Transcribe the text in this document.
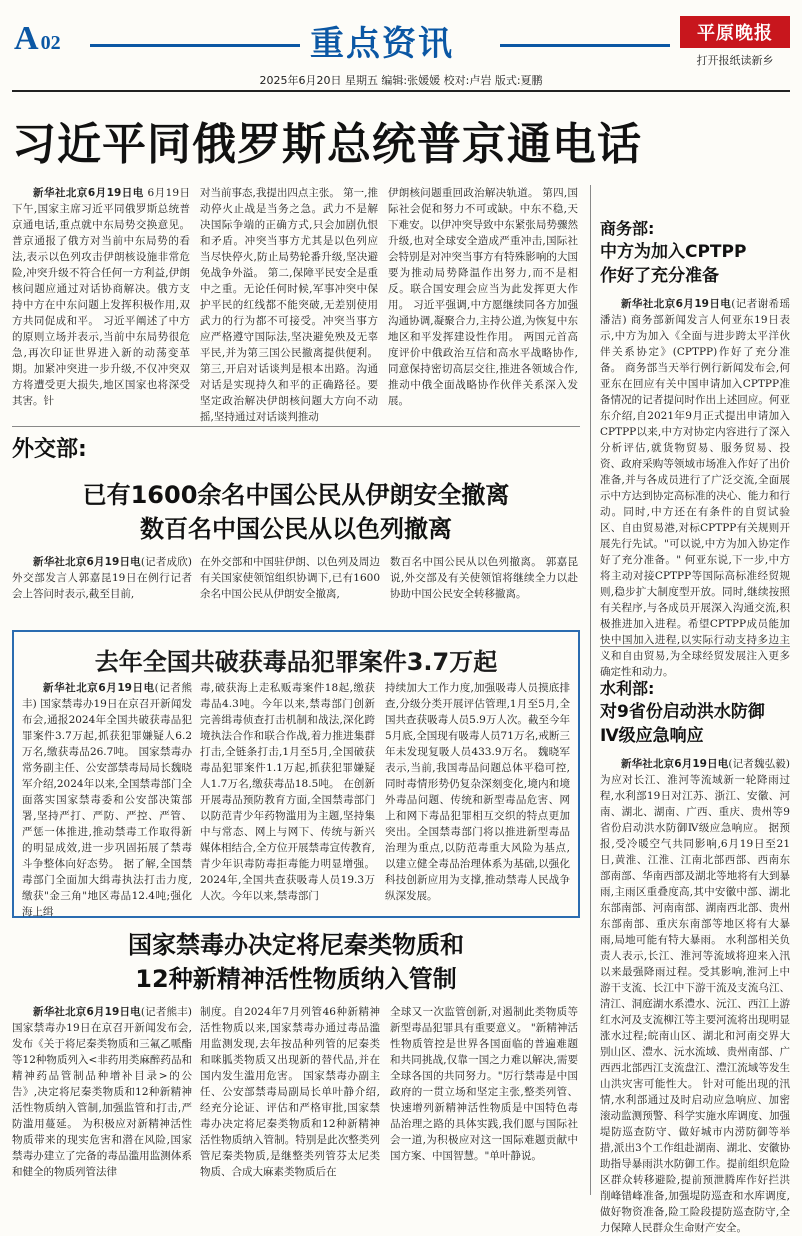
A 02	重点资讯	平原晚报
打开报纸读新乡
2025年6月20日 星期五 编辑:张媛媛 校对:卢岩 版式:夏鹏
习近平同俄罗斯总统普京通电话

新华社北京6月19日电 6月19日下午,国家主席习近平同俄罗斯总统普京通电话,重点就中东局势交换意见。 普京通报了俄方对当前中东局势的看法,表示以色列攻击伊朗核设施非常危险,冲突升级不符合任何一方利益,伊朗核问题应通过对话协商解决。俄方支持中方在中东问题上发挥积极作用,双方共同促成和平。 习近平阐述了中方的原则立场并表示,当前中东局势很危急,再次印证世界进入新的动荡变革期。加紧冲突进一步升级,不仅冲突双方将遭受更大损失,地区国家也将深受其害。针

对当前事态,我提出四点主张。 第一,推动停火止战是当务之急。武力不是解决国际争端的正确方式,只会加剧仇恨和矛盾。冲突当事方尤其是以色列应当尽快停火,防止局势轮番升级,坚决避免战争外溢。 第二,保障平民安全是重中之重。无论任何时候,军事冲突中保护平民的红线都不能突破,无差别使用武力的行为都不可接受。冲突当事方应严格遵守国际法,坚决避免殃及无辜平民,并为第三国公民撤离提供便利。 第三,开启对话谈判是根本出路。沟通对话是实现持久和平的正确路径。要坚定政治解决伊朗核问题大方向不动摇,坚持通过对话谈判推动

伊朗核问题重回政治解决轨道。 第四,国际社会促和努力不可或缺。中东不稳,天下难安。以伊冲突导致中东紧张局势骤然升级,也对全球安全造成严重冲击,国际社会特别是对冲突当事方有特殊影响的大国要为推动局势降温作出努力,而不是相反。联合国安理会应当为此发挥更大作用。 习近平强调,中方愿继续同各方加强沟通协调,凝聚合力,主持公道,为恢复中东地区和平发挥建设性作用。 两国元首高度评价中俄政治互信和高水平战略协作,同意保持密切高层交往,推进各领域合作,推动中俄全面战略协作伙伴关系深入发展。

外交部:
已有1600余名中国公民从伊朗安全撤离
数百名中国公民从以色列撤离

新华社北京6月19日电(记者成欣) 外交部发言人郭嘉昆19日在例行记者会上答问时表示,截至目前,

在外交部和中国驻伊朗、以色列及周边有关国家使领馆组织协调下,已有1600余名中国公民从伊朗安全撤离,

数百名中国公民从以色列撤离。 郭嘉昆说,外交部及有关使领馆将继续全力以赴协助中国公民安全转移撤离。

去年全国共破获毒品犯罪案件3.7万起

新华社北京6月19日电(记者熊丰) 国家禁毒办19日在京召开新闻发布会,通报2024年全国共破获毒品犯罪案件3.7万起,抓获犯罪嫌疑人6.2万名,缴获毒品26.7吨。 国家禁毒办常务副主任、公安部禁毒局局长魏晓军介绍,2024年以来,全国禁毒部门全面落实国家禁毒委和公安部决策部署,坚持严打、严防、严控、严管、严惩一体推进,推动禁毒工作取得新的明显成效,进一步巩固拓展了禁毒斗争整体向好态势。 据了解,全国禁毒部门全面加大缉毒执法打击力度,缴获"金三角"地区毒品12.4吨;强化海上缉

毒,破获海上走私贩毒案件18起,缴获毒品4.3吨。今年以来,禁毒部门创新完善缉毒侦查打击机制和战法,深化跨境执法合作和联合作战,着力推进集群打击,全链条打击,1月至5月,全国破获毒品犯罪案件1.1万起,抓获犯罪嫌疑人1.7万名,缴获毒品18.5吨。 在创新开展毒品预防教育方面,全国禁毒部门以防范青少年药物滥用为主题,坚持集中与常态、网上与网下、传统与新兴媒体相结合,全方位开展禁毒宣传教育,青少年识毒防毒拒毒能力明显增强。 2024年,全国共查获吸毒人员19.3万人次。今年以来,禁毒部门

持续加大工作力度,加强吸毒人员摸底排查,分级分类开展评估管理,1月至5月,全国共查获吸毒人员5.9万人次。截至今年5月底,全国现有吸毒人员71万名,戒断三年未发现复吸人员433.9万名。 魏晓军表示,当前,我国毒品问题总体平稳可控,同时毒情形势仍复杂深刻变化,境内和境外毒品问题、传统和新型毒品危害、网上和网下毒品犯罪相互交织的特点更加突出。全国禁毒部门将以推进新型毒品治理为重点,以防范毒重大风险为基点,以建立健全毒品治理体系为基础,以强化科技创新应用为支撑,推动禁毒人民战争纵深发展。

国家禁毒办决定将尼秦类物质和
12种新精神活性物质纳入管制

新华社北京6月19日电(记者熊丰) 国家禁毒办19日在京召开新闻发布会,发布《关于将尼秦类物质和三氟乙哌酯等12种物质列入<非药用类麻醉药品和精神药品管制品种增补目录>的公告》,决定将尼秦类物质和12种新精神活性物质纳入管制,加强监管和打击,严防滥用蔓延。 为积极应对新精神活性物质带来的现实危害和潜在风险,国家禁毒办建立了完备的毒品滥用监测体系和健全的物质列管法律

制度。自2024年7月列管46种新精神活性物质以来,国家禁毒办通过毒品滥用监测发现,去年按品种列管的尼秦类和咪胍类物质又出现新的替代品,并在国内发生滥用危害。 国家禁毒办副主任、公安部禁毒局副局长单叶静介绍,经充分论证、评估和严格审批,国家禁毒办决定将尼秦类物质和12种新精神活性物质纳入管制。特别是此次整类列管尼秦类物质,是继整类列管芬太尼类物质、合成大麻素类物质后在

全球又一次监管创新,对遏制此类物质等新型毒品犯罪具有重要意义。 "新精神活性物质管控是世界各国面临的普遍难题和共同挑战,仅靠一国之力难以解决,需要全球各国的共同努力。"厉行禁毒是中国政府的一贯立场和坚定主张,整类列管、快速增列新精神活性物质是中国特色毒品治理之路的具体实践,我们愿与国际社会一道,为积极应对这一国际难题贡献中国方案、中国智慧。"单叶静说。

商务部:
中方为加入CPTPP
作好了充分准备

新华社北京6月19日电(记者谢希瑶潘洁) 商务部新闻发言人何亚东19日表示,中方为加入《全面与进步跨太平洋伙伴关系协定》(CPTPP)作好了充分准备。 商务部当天举行例行新闻发布会,何亚东在回应有关中国申请加入CPTPP准备情况的记者提问时作出上述回应。何亚东介绍,自2021年9月正式提出申请加入CPTPP以来,中方对协定内容进行了深入分析评估,就货物贸易、服务贸易、投资、政府采购等领域市场准入作好了出价准备,并与各成员进行了广泛交流,全面展示中方达到协定高标准的决心、能力和行动。同时,中方还在有条件的自贸试验区、自由贸易港,对标CPTPP有关规则开展先行先试。"可以说,中方为加入协定作好了充分准备。" 何亚东说,下一步,中方将主动对接CPTPP等国际高标准经贸规则,稳步扩大制度型开放。同时,继续按照有关程序,与各成员开展深入沟通交流,积极推进加入进程。希望CPTPP成员能加快中国加入进程,以实际行动支持多边主义和自由贸易,为全球经贸发展注入更多确定性和动力。

水利部:
对9省份启动洪水防御
Ⅳ级应急响应

新华社北京6月19日电(记者魏弘毅) 为应对长江、淮河等流域新一轮降雨过程,水利部19日对江苏、浙江、安徽、河南、湖北、湖南、广西、重庆、贵州等9省份启动洪水防御Ⅳ级应急响应。 据预报,受冷暖空气共同影响,6月19日至21日,黄淮、江淮、江南北部西部、西南东部南部、华南西部及湖北等地将有大到暴雨,主雨区重叠度高,其中安徽中部、湖北东部南部、河南南部、湖南西北部、贵州东部南部、重庆东南部等地区将有大暴雨,局地可能有特大暴雨。 水利部相关负责人表示,长江、淮河等流域将迎来入汛以来最强降雨过程。受其影响,淮河上中游干支流、长江中下游干流及支流乌江、清江、洞庭湖水系澧水、沅江、西江上游红水河及支流柳江等主要河流将出现明显涨水过程;皖南山区、湖北和河南交界大别山区、澧水、沅水流域、贵州南部、广西西北部西江支流盘江、澧江流域等发生山洪灾害可能性大。 针对可能出现的汛情,水利部通过及时启动应急响应、加密滚动监测预警、科学实施水库调度、加强堤防巡查防守、做好城市内涝防御等举措,派出3个工作组赴湖南、湖北、安徽协助指导暴雨洪水防御工作。提前组织危险区群众转移避险,提前预泄腾库作好拦洪削峰错峰准备,加强堤防巡查和水库调度,做好物资准备,险工险段提防巡查防守,全力保障人民群众生命财产安全。
